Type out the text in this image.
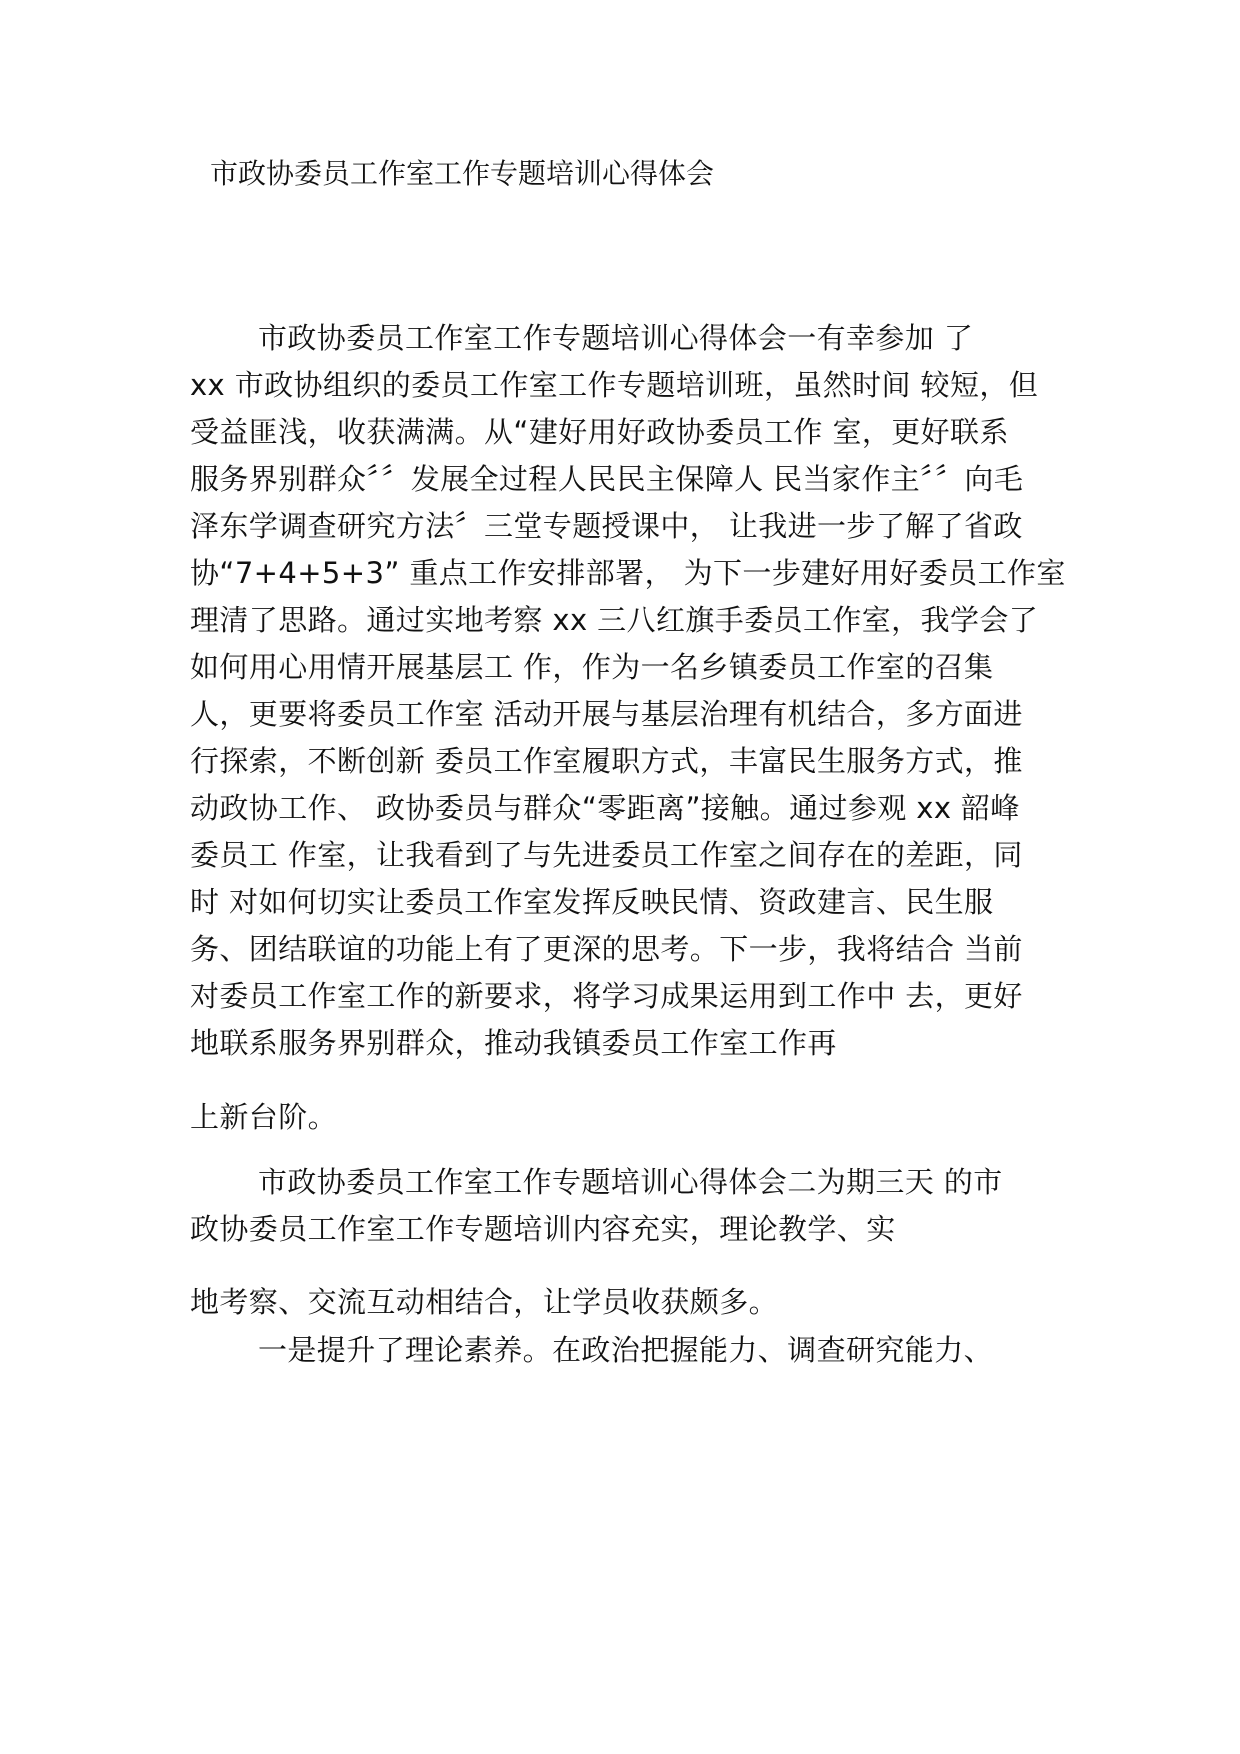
市政协委员工作室工作专题培训心得体会
市政协委员工作室工作专题培训心得体会一有幸参加 了
xx 市政协组织的委员工作室工作专题培训班，虽然时间 较短，但
受益匪浅，收获满满。从“建好用好政协委员工作 室，更好联系
服务界别群众〞〞发展全过程人民民主保障人 民当家作主〞〞向毛
泽东学调查研究方法〞三堂专题授课中， 让我进一步了解了省政
协“7+4+5+3” 重点工作安排部署， 为下一步建好用好委员工作室
理清了思路。通过实地考察 xx 三八红旗手委员工作室，我学会了
如何用心用情开展基层工 作，作为一名乡镇委员工作室的召集
人，更要将委员工作室 活动开展与基层治理有机结合，多方面进
行探索，不断创新 委员工作室履职方式，丰富民生服务方式，推
动政协工作、 政协委员与群众“零距离”接触。通过参观 xx 韶峰
委员工 作室，让我看到了与先进委员工作室之间存在的差距，同
时 对如何切实让委员工作室发挥反映民情、资政建言、民生服
务、团结联谊的功能上有了更深的思考。下一步，我将结合 当前
对委员工作室工作的新要求，将学习成果运用到工作中 去，更好
地联系服务界别群众，推动我镇委员工作室工作再
上新台阶。
市政协委员工作室工作专题培训心得体会二为期三天 的市
政协委员工作室工作专题培训内容充实，理论教学、实
地考察、交流互动相结合，让学员收获颇多。
一是提升了理论素养。在政治把握能力、调查研究能力、
